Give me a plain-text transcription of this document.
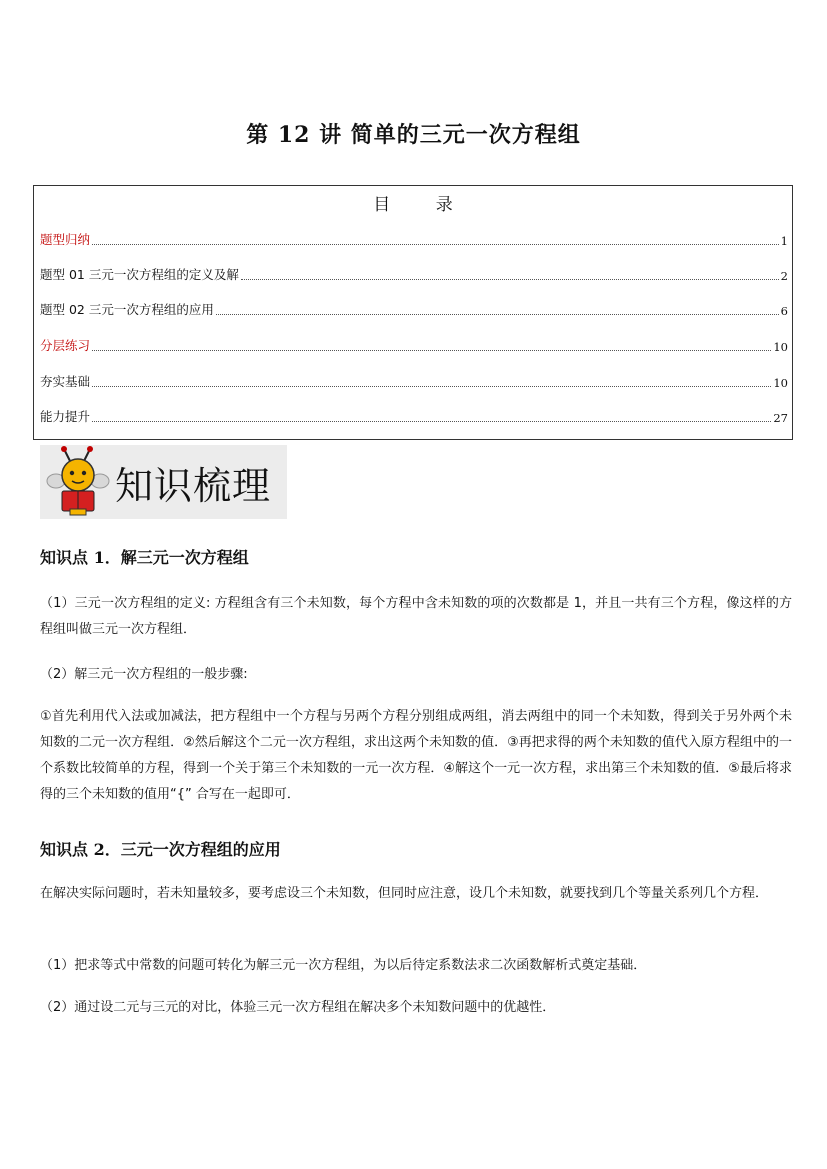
第 12 讲 简单的三元一次方程组
目 录
题型归纳	1
题型 01 三元一次方程组的定义及解	2
题型 02 三元一次方程组的应用	6
分层练习	10
夯实基础	10
能力提升	27
知识梳理
知识点 1．解三元一次方程组
（1）三元一次方程组的定义: 方程组含有三个未知数，每个方程中含未知数的项的次数都是 1，并且一共有三个方程，像这样的方程组叫做三元一次方程组．
（2）解三元一次方程组的一般步骤:
①首先利用代入法或加减法，把方程组中一个方程与另两个方程分别组成两组，消去两组中的同一个未知数，得到关于另外两个未知数的二元一次方程组．②然后解这个二元一次方程组，求出这两个未知数的值．③再把求得的两个未知数的值代入原方程组中的一个系数比较简单的方程，得到一个关于第三个未知数的一元一次方程．④解这个一元一次方程，求出第三个未知数的值．⑤最后将求得的三个未知数的值用“{” 合写在一起即可．
知识点 2．三元一次方程组的应用
在解决实际问题时，若未知量较多，要考虑设三个未知数，但同时应注意，设几个未知数，就要找到几个等量关系列几个方程．
（1）把求等式中常数的问题可转化为解三元一次方程组，为以后待定系数法求二次函数解析式奠定基础．
（2）通过设二元与三元的对比，体验三元一次方程组在解决多个未知数问题中的优越性．
